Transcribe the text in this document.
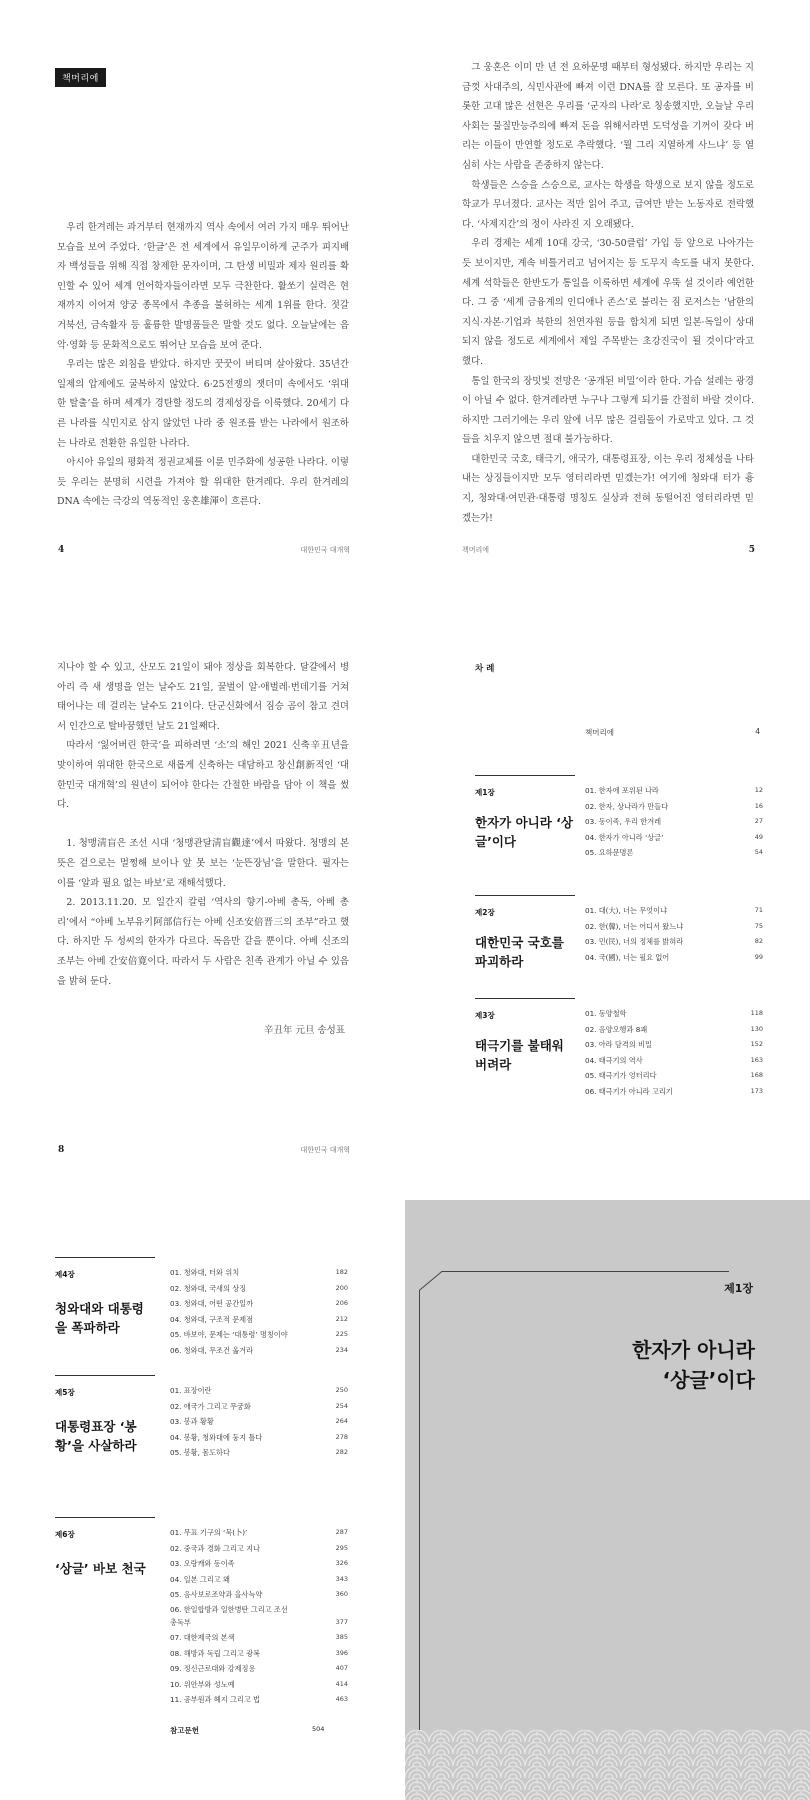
책머리에

우리 한겨레는 과거부터 현재까지 역사 속에서 여러 가지 매우 뛰어난 모습을 보여 주었다. ‘한글’은 전 세계에서 유일무이하게 군주가 피지배자 백성들을 위해 직접 창제한 문자이며, 그 탄생 비밀과 제자 원리를 확인할 수 있어 세계 언어학자들이라면 모두 극찬한다. 활쏘기 실력은 현재까지 이어져 양궁 종목에서 추종을 불허하는 세계 1위를 한다. 젓갈 거북선, 금속활자 등 훌륭한 발명품들은 말할 것도 없다. 오늘날에는 음악·영화 등 문화적으로도 뛰어난 모습을 보여 준다.

우리는 많은 외침을 받았다. 하지만 꿋꿋이 버티며 살아왔다. 35년간 일제의 압제에도 굴복하지 않았다. 6·25전쟁의 잿더미 속에서도 ‘위대한 탈출’을 하며 세계가 경탄할 정도의 경제성장을 이룩했다. 20세기 다른 나라를 식민지로 삼지 않았던 나라 중 원조를 받는 나라에서 원조하는 나라로 전환한 유일한 나라다.

아시아 유일의 평화적 정권교체를 이룬 민주화에 성공한 나라다. 이렇듯 우리는 분명히 시련을 가져야 할 위대한 한겨레다. 우리 한겨레의 DNA 속에는 극강의 역동적인 웅혼雄渾이 흐른다.

4	대한민국 대개혁

그 웅혼은 이미 만 년 전 요하문명 때부터 형성됐다. 하지만 우리는 지금껏 사대주의, 식민사관에 빠져 이런 DNA를 잘 모른다. 또 공자를 비롯한 고대 많은 선현은 우리를 ‘군자의 나라’로 칭송했지만, 오늘날 우리 사회는 물질만능주의에 빠져 돈을 위해서라면 도덕성을 기꺼이 갖다 버리는 이들이 만연할 정도로 추락했다. ‘뭘 그리 지열하게 사느냐’ 등 열심히 사는 사람을 존중하지 않는다.

학생들은 스승을 스승으로, 교사는 학생을 학생으로 보지 않을 정도로 학교가 무너졌다. 교사는 적만 읽어 주고, 급여만 받는 노동자로 전락했다. ‘사제지간’의 정이 사라진 지 오래됐다.

우리 경제는 세계 10대 강국, ‘30-50클럽’ 가입 등 앞으로 나아가는 듯 보이지만, 계속 비틀거리고 넘어지는 등 도무지 속도를 내지 못한다. 세계 석학들은 한반도가 통일을 이룩하면 세계에 우뚝 설 것이라 예언한다. 그 중 ‘세계 금융계의 인디애나 존스’로 불리는 짐 로저스는 ‘남한의 지식·자본·기업과 북한의 천연자원 등을 합치게 되면 일본·독일이 상대되지 않을 정도로 세계에서 제일 주목받는 초강진국이 될 것이다’라고 했다.

통일 한국의 장밋빛 전망은 ‘공개된 비밀’이라 한다. 가슴 설레는 광경이 아닐 수 없다. 한겨레라면 누구나 그렇게 되기를 간절히 바랄 것이다. 하지만 그러기에는 우리 앞에 너무 많은 걸림돌이 가로막고 있다. 그 것들을 치우지 않으면 절대 불가능하다.

대한민국 국호, 태극기, 애국가, 대통령표장, 이는 우리 정체성을 나타내는 상징들이지만 모두 영터리라면 믿겠는가! 여기에 청와대 터가 흉지, 청와대·여민관·대통령 명칭도 실상과 전혀 동떨어진 영터리라면 믿겠는가!

책머리에	5

지나야 할 수 있고, 산모도 21일이 돼야 정상을 회복한다. 달걀에서 병아리 즉 새 생명을 얻는 날수도 21일, 꿀벌이 알·애벌레·번데기를 거쳐 태어나는 데 걸리는 날수도 21이다. 단군신화에서 짐승 곰이 참고 견뎌서 인간으로 탈바꿈했던 날도 21일째다.

따라서 ‘잃어버린 한국’을 피하려면 ‘소’의 해인 2021 신축辛丑년을 맞이하여 위대한 한국으로 새롭게 신축하는 대담하고 창신創新적인 ‘대한민국 대개혁’의 원년이 되어야 한다는 간절한 바람을 담아 이 책을 썼다.

1. 청맹淸盲은 조선 시대 ‘청맹관달淸盲觀達’에서 따왔다. 청맹의 본뜻은 겉으로는 멀쩡해 보이나 앞 못 보는 ‘눈뜬장님’을 말한다. 필자는 이를 ‘알과 필요 없는 바보’로 재해석했다.

2. 2013.11.20. 모 일간지 칼럼 ‘역사의 향기-아베 총독, 아베 총리’에서 “아베 노부유키阿部信行는 아베 신조安倍晋三의 조부”라고 했다. 하지만 두 성씨의 한자가 다르다. 독음만 같을 뿐이다. 아베 신조의 조부는 아베 간安倍寛이다. 따라서 두 사람은 친족 관계가 아닐 수 있음을 밝혀 둔다.

辛丑年 元旦 송성표
8	대한민국 대개혁
차 례
책머리에	4
제1장
한자가 아니라 ‘상글’이다
01. 한자에 포위된 나라	12
02. 한자, 상나라가 만들다	16
03. 동이족, 우리 한겨레	27
04. 한자가 아니라 ‘상글’	49
05. 요하문명론	54
제2장
대한민국 국호를 파괴하라
01. 대(大), 너는 무엇이냐	71
02. 한(韓), 너는 어디서 왔느냐	75
03. 민(民), 너의 정체를 밝혀라	82
04. 국(國), 너는 필요 없어	99
제3장
태극기를 불태워 버려라
01. 동양철학	118
02. 음양오행과 8괘	130
03. 아라 담격의 비밀	152
04. 태극기의 역사	163
05. 태극기가 엉터리다	168
06. 태극기가 아니라 고리기	173
제4장
청와대와 대통령을 폭파하라
01. 청와대, 터와 위치	182
02. 청와대, 국새의 상징	200
03. 청와대, 어떤 공간일까	206
04. 청와대, 구조적 문제점	212
05. 바보야, 문제는 ‘대통령’ 명칭이야	225
06. 청와대, 무조건 옮겨라	234
제5장
대통령표장 ‘봉황’을 사살하라
01. 표장이란	250
02. 애국가 그리고 무궁화	254
03. 봉과 황황	264
04. 봉황, 청와대에 둥지 틀다	278
05. 봉황, 몸도하다	282
제6장
‘상글’ 바보 천국
01. 무표 기구의 ‘묵(卜)’	287
02. 중국과 경화 그리고 지나	295
03. 오랑캐와 동이족	326
04. 일본 그리고 왜	343
05. 음사보로조약과 을사늑약	360
06. 한일합방과 일한병탄 그리고 조선총독부	377
07. 대한제국의 본색	385
08. 해방과 독립 그리고 광복	396
09. 정신근로대와 강제징용	407
10. 위안부와 성노예	414
11. 공부원과 헤지 그리고 법	463
참고문헌	504
제1장
한자가 아니라
‘상글’이다
